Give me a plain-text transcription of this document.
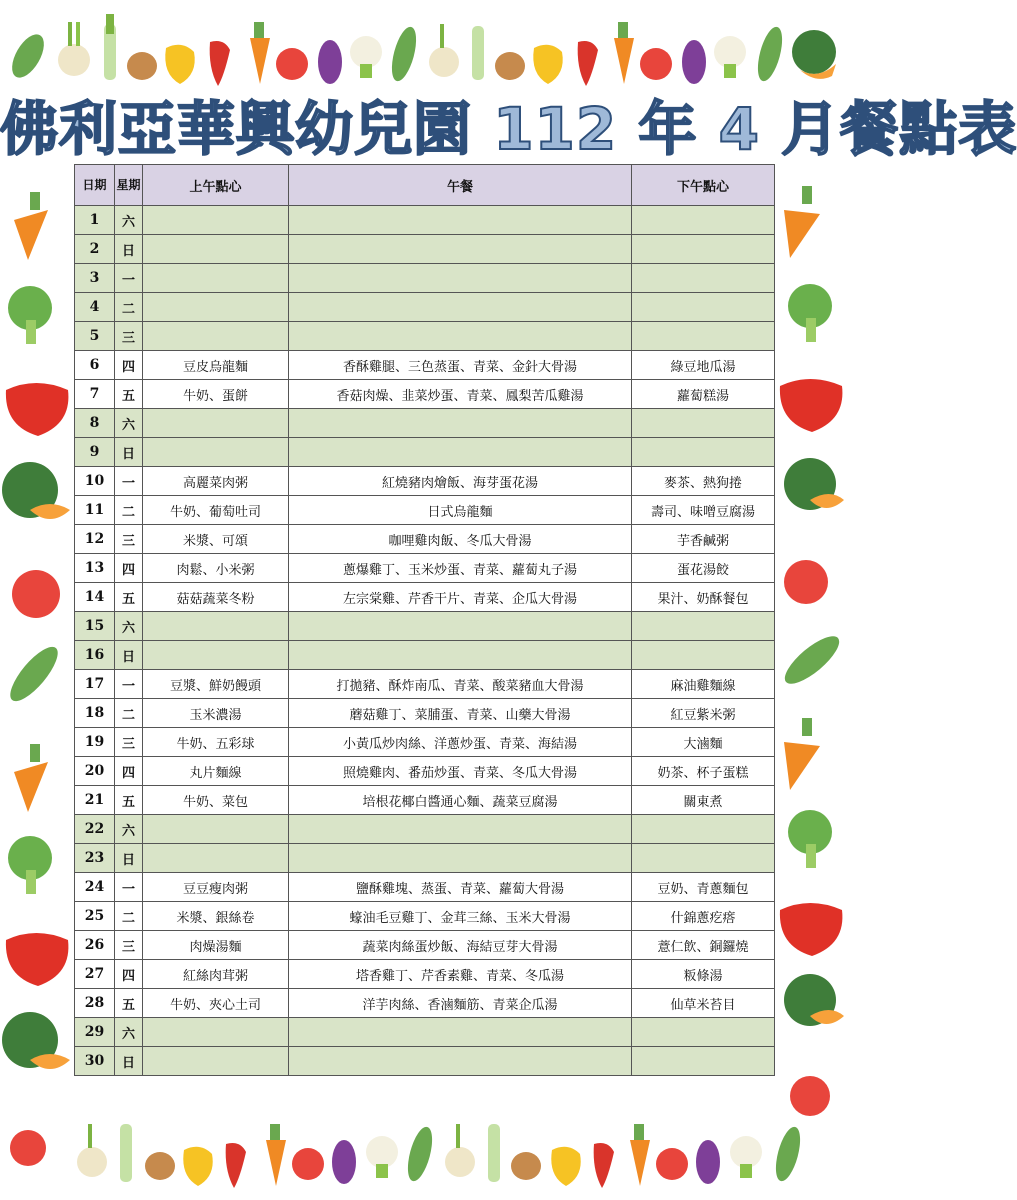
佛利亞華興幼兒園 112 年 4 月餐點表
日期	星期	上午點心	午餐	下午點心
1	六			
2	日			
3	一			
4	二			
5	三			
6	四	豆皮烏龍麵	香酥雞腿、三色蒸蛋、青菜、金針大骨湯	綠豆地瓜湯
7	五	牛奶、蛋餅	香菇肉燥、韭菜炒蛋、青菜、鳳梨苦瓜雞湯	蘿蔔糕湯
8	六			
9	日			
10	一	高麗菜肉粥	紅燒豬肉燴飯、海芽蛋花湯	麥茶、熱狗捲
11	二	牛奶、葡萄吐司	日式烏龍麵	壽司、味噌豆腐湯
12	三	米漿、可頌	咖哩雞肉飯、冬瓜大骨湯	芋香鹹粥
13	四	肉鬆、小米粥	蔥爆雞丁、玉米炒蛋、青菜、蘿蔔丸子湯	蛋花湯餃
14	五	菇菇蔬菜冬粉	左宗棠雞、芹香干片、青菜、企瓜大骨湯	果汁、奶酥餐包
15	六			
16	日			
17	一	豆漿、鮮奶饅頭	打拋豬、酥炸南瓜、青菜、酸菜豬血大骨湯	麻油雞麵線
18	二	玉米濃湯	蘑菇雞丁、菜脯蛋、青菜、山藥大骨湯	紅豆紫米粥
19	三	牛奶、五彩球	小黃瓜炒肉絲、洋蔥炒蛋、青菜、海結湯	大滷麵
20	四	丸片麵線	照燒雞肉、番茄炒蛋、青菜、冬瓜大骨湯	奶茶、杯子蛋糕
21	五	牛奶、菜包	培根花椰白醬通心麵、蔬菜豆腐湯	關東煮
22	六			
23	日			
24	一	豆豆瘦肉粥	鹽酥雞塊、蒸蛋、青菜、蘿蔔大骨湯	豆奶、青蔥麵包
25	二	米漿、銀絲卷	蠔油毛豆雞丁、金茸三絲、玉米大骨湯	什錦蔥疙瘩
26	三	肉燥湯麵	蔬菜肉絲蛋炒飯、海結豆芽大骨湯	薏仁飲、銅鑼燒
27	四	紅絲肉茸粥	塔香雞丁、芹香素雞、青菜、冬瓜湯	粄條湯
28	五	牛奶、夾心土司	洋芋肉絲、香滷麵筋、青菜企瓜湯	仙草米苔目
29	六			
30	日			
